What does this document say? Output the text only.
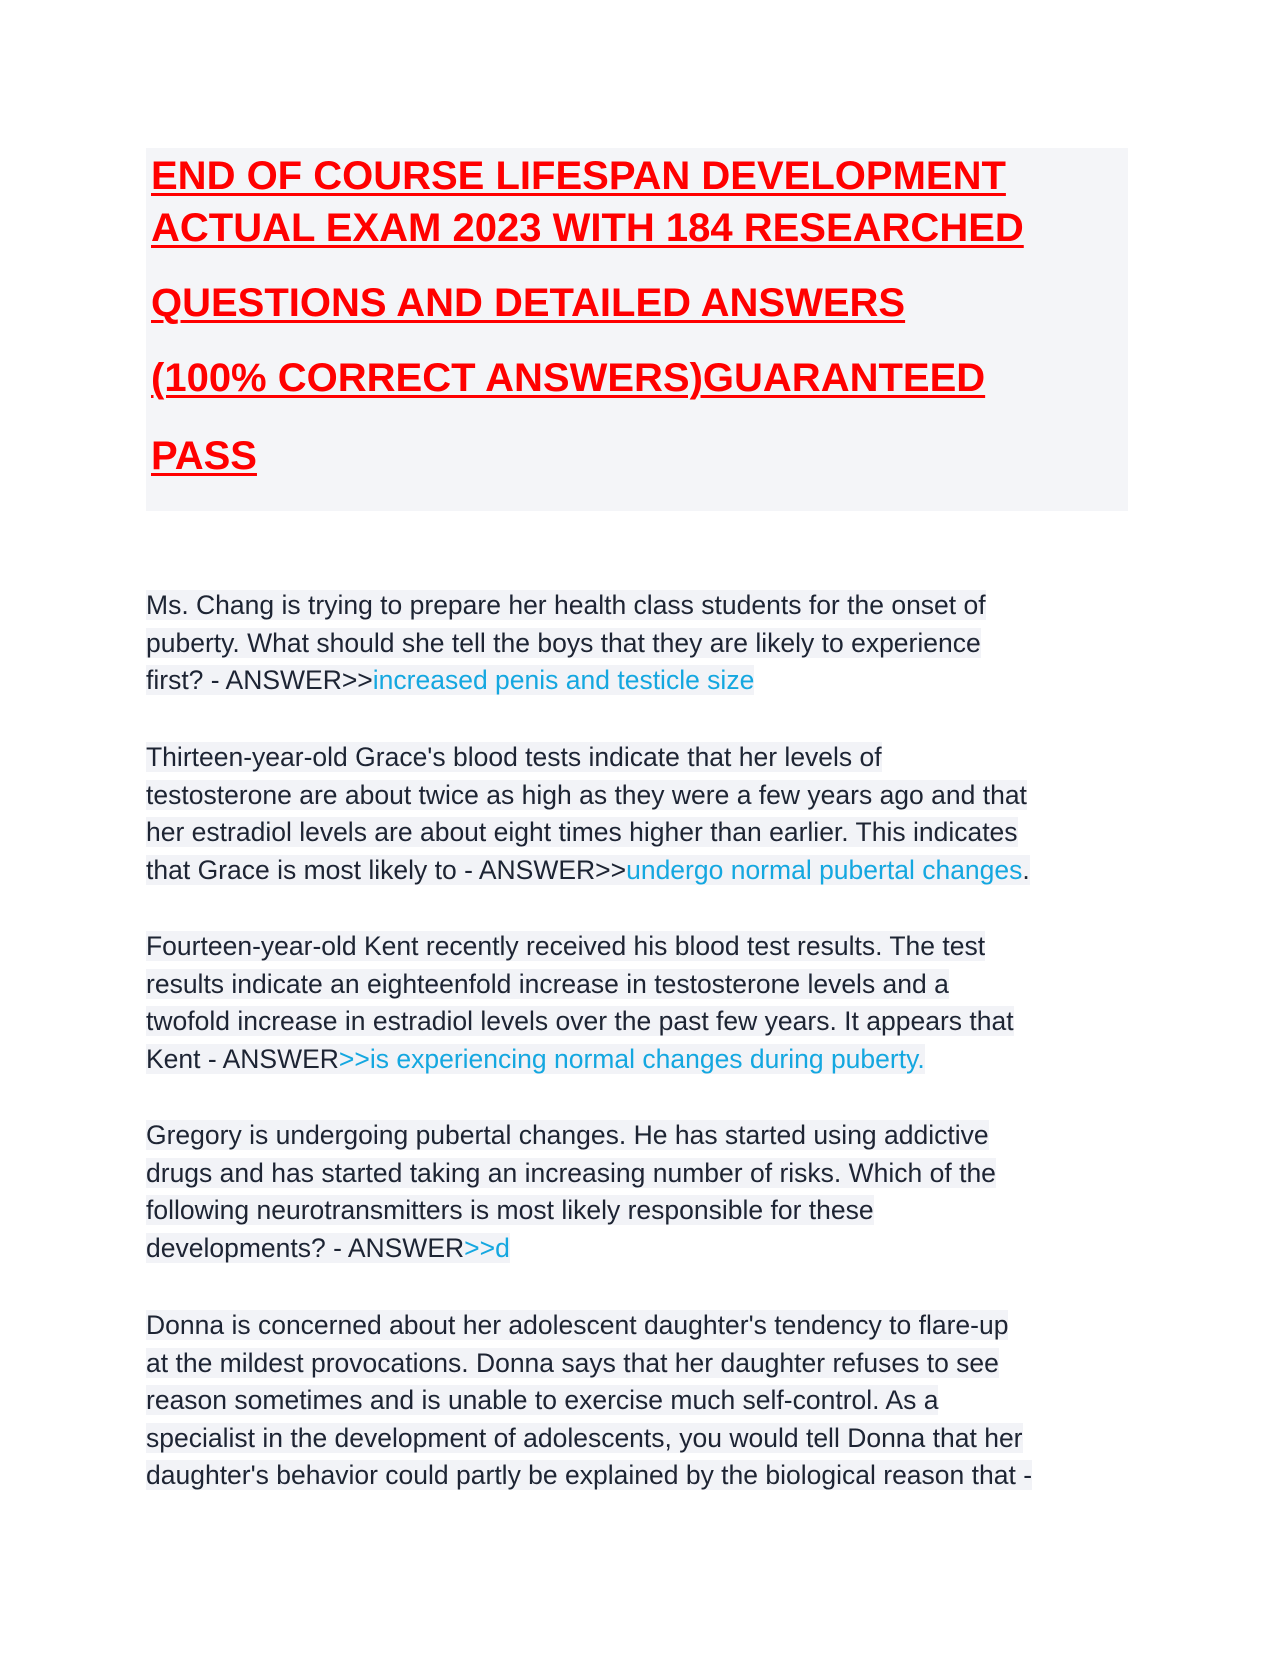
END OF COURSE LIFESPAN DEVELOPMENT

ACTUAL EXAM 2023 WITH 184 RESEARCHED

QUESTIONS AND DETAILED ANSWERS

(100% CORRECT ANSWERS)GUARANTEED

PASS

Ms. Chang is trying to prepare her health class students for the onset of
puberty. What should she tell the boys that they are likely to experience
first? - ANSWER>>increased penis and testicle size
Thirteen-year-old Grace's blood tests indicate that her levels of
testosterone are about twice as high as they were a few years ago and that
her estradiol levels are about eight times higher than earlier. This indicates
that Grace is most likely to - ANSWER>>undergo normal pubertal changes.
Fourteen-year-old Kent recently received his blood test results. The test
results indicate an eighteenfold increase in testosterone levels and a
twofold increase in estradiol levels over the past few years. It appears that
Kent - ANSWER>>is experiencing normal changes during puberty.
Gregory is undergoing pubertal changes. He has started using addictive
drugs and has started taking an increasing number of risks. Which of the
following neurotransmitters is most likely responsible for these
developments? - ANSWER>>d
Donna is concerned about her adolescent daughter's tendency to flare-up
at the mildest provocations. Donna says that her daughter refuses to see
reason sometimes and is unable to exercise much self-control. As a
specialist in the development of adolescents, you would tell Donna that her
daughter's behavior could partly be explained by the biological reason that -
